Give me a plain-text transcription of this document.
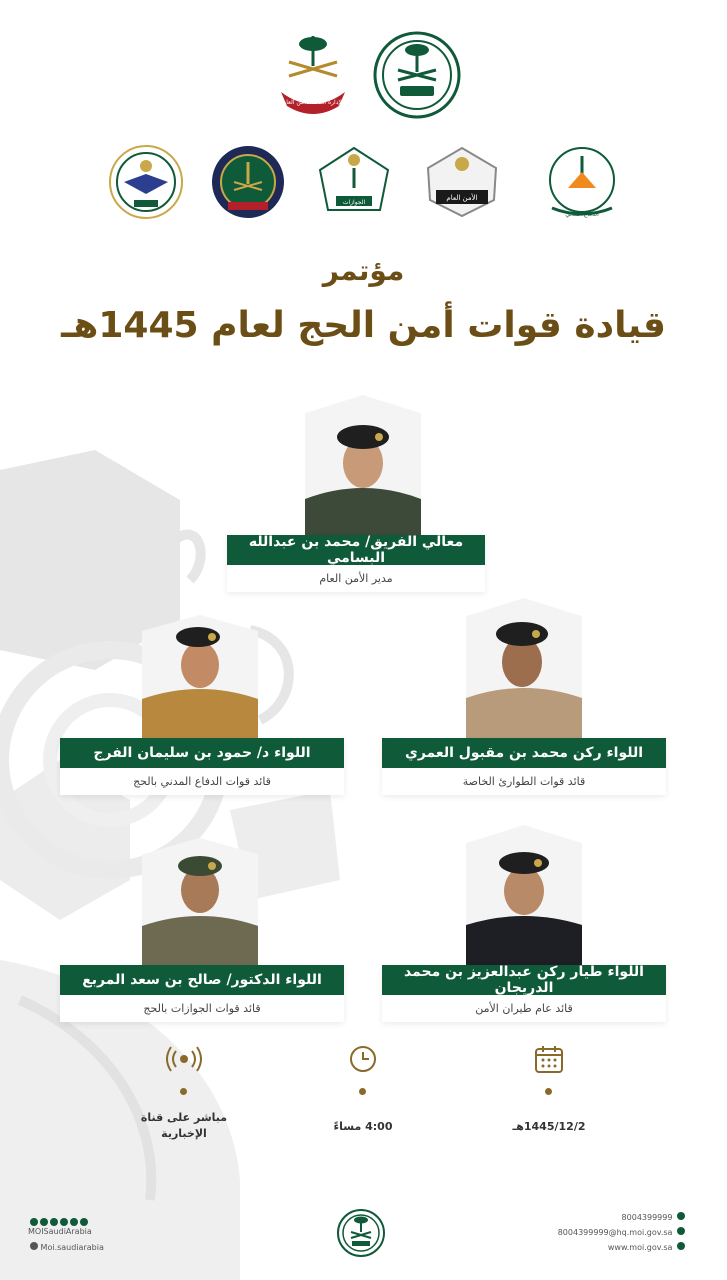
الإدارة العامة للأمن العام
الجوازات
الأمن العام
الدفاع المدني
مؤتمر
قيادة قوات أمن الحج لعام 1445هـ
معالي الفريق/ محمد بن عبدالله البسامي
مدير الأمن العام
اللواء د/ حمود بن سليمان الفرج
قائد قوات الدفاع المدني بالحج
اللواء ركن محمد بن مقبول العمري
قائد قوات الطوارئ الخاصة
اللواء طيار ركن عبدالعزيز بن محمد الدريجان
قائد عام طيران الأمن
اللواء الدكتور/ صالح بن سعد المربع
قائد قوات الجوازات بالحج
1445/12/2هـ
4:00 مساءً
مباشر على قناة الإخبارية
MOISaudiArabia
Moi.saudiarabia
8004399999
8004399999@hq.moi.gov.sa
www.moi.gov.sa
